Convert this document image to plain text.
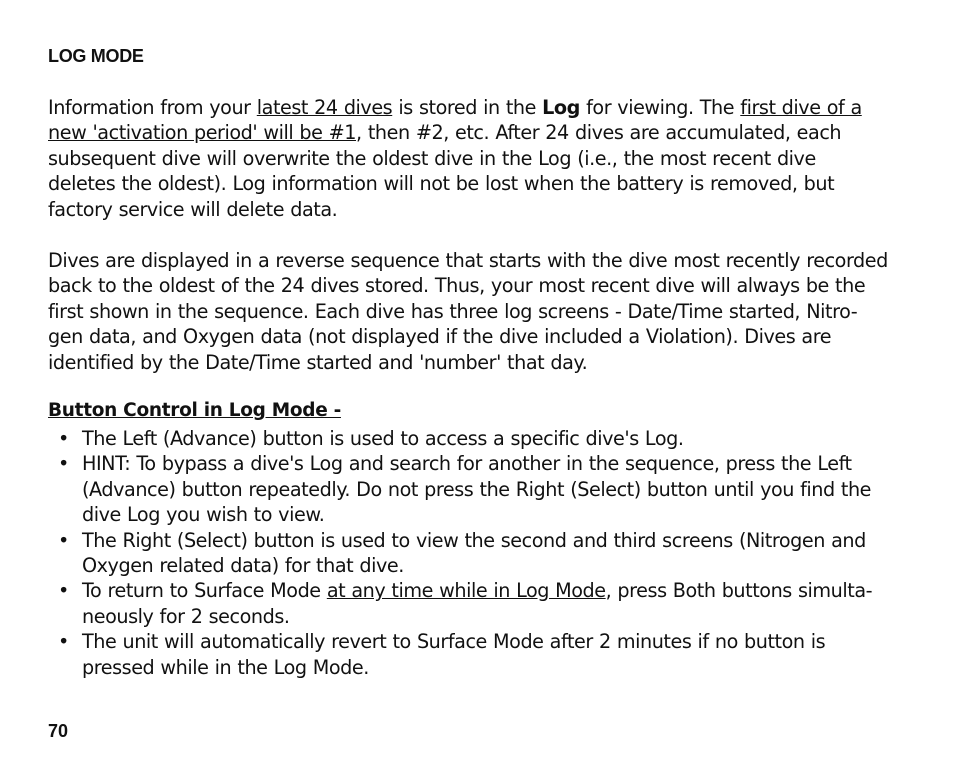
LOG MODE

Information from your latest 24 dives is stored in the Log for viewing. The first dive of a new 'activation period' will be #1, then #2, etc. After 24 dives are accumulated, each subsequent dive will overwrite the oldest dive in the Log (i.e., the most recent dive deletes the oldest). Log information will not be lost when the battery is removed, but factory service will delete data.

Dives are displayed in a reverse sequence that starts with the dive most recently recorded back to the oldest of the 24 dives stored. Thus, your most recent dive will always be the first shown in the sequence. Each dive has three log screens - Date/Time started, Nitro-gen data, and Oxygen data (not displayed if the dive included a Violation). Dives are identified by the Date/Time started and 'number' that day.

Button Control in Log Mode -
• The Left (Advance) button is used to access a specific dive's Log.
• HINT: To bypass a dive's Log and search for another in the sequence, press the Left (Advance) button repeatedly. Do not press the Right (Select) button until you find the dive Log you wish to view.
• The Right (Select) button is used to view the second and third screens (Nitrogen and Oxygen related data) for that dive.
• To return to Surface Mode at any time while in Log Mode, press Both buttons simulta-neously for 2 seconds.
• The unit will automatically revert to Surface Mode after 2 minutes if no button is pressed while in the Log Mode.
70
